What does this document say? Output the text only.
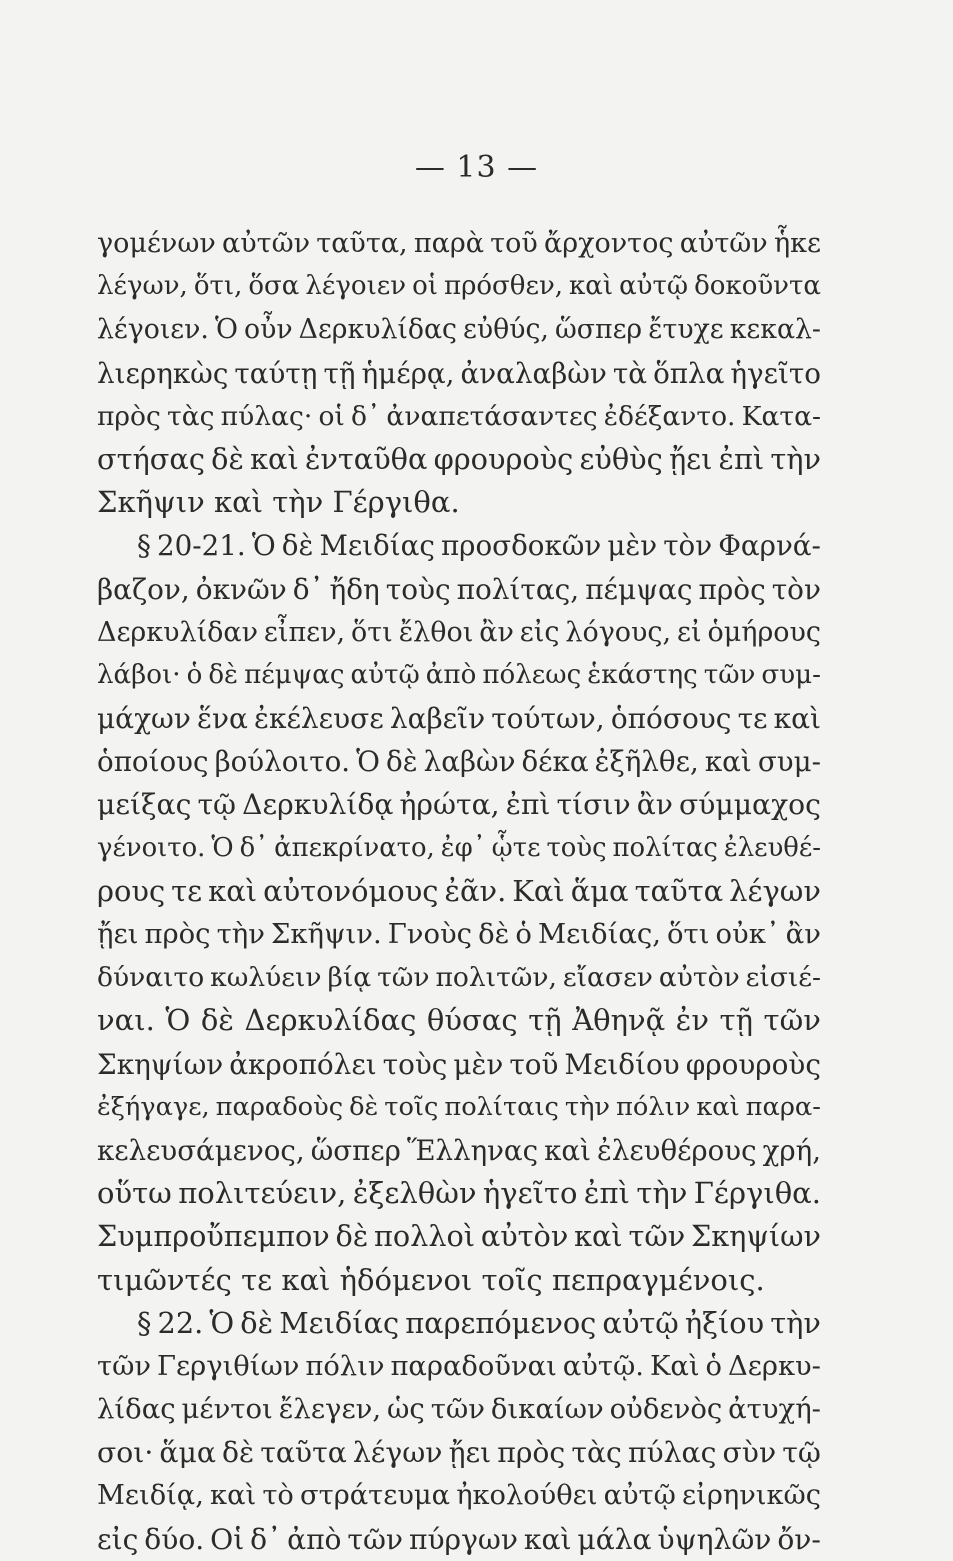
— 13 —
γομένων αὐτῶν ταῦτα, παρὰ τοῦ ἄρχοντος αὐτῶν ἧκε
λέγων, ὅτι, ὅσα λέγοιεν οἱ πρόσθεν, καὶ αὐτῷ δοκοῦντα
λέγοιεν. Ὁ οὖν Δερκυλίδας εὐθύς, ὥσπερ ἔτυχε κεκαλ-
λιερηκὼς ταύτῃ τῇ ἡμέρᾳ, ἀναλαβὼν τὰ ὅπλα ἡγεῖτο
πρὸς τὰς πύλας· οἱ δ᾽ ἀναπετάσαντες ἐδέξαντο. Κατα-
στήσας δὲ καὶ ἐνταῦθα φρουροὺς εὐθὺς ᾔει ἐπὶ τὴν
Σκῆψιν καὶ τὴν Γέργιθα.
§ 20-21. Ὁ δὲ Μειδίας προσδοκῶν μὲν τὸν Φαρνά-
βαζον, ὀκνῶν δ᾽ ἤδη τοὺς πολίτας, πέμψας πρὸς τὸν
Δερκυλίδαν εἶπεν, ὅτι ἔλθοι ἂν εἰς λόγους, εἰ ὁμήρους
λάβοι· ὁ δὲ πέμψας αὐτῷ ἀπὸ πόλεως ἑκάστης τῶν συμ-
μάχων ἕνα ἐκέλευσε λαβεῖν τούτων, ὁπόσους τε καὶ
ὁποίους βούλοιτο. Ὁ δὲ λαβὼν δέκα ἐξῆλθε, καὶ συμ-
μείξας τῷ Δερκυλίδᾳ ἠρώτα, ἐπὶ τίσιν ἂν σύμμαχος
γένοιτο. Ὁ δ᾽ ἀπεκρίνατο, ἐφ᾽ ᾧτε τοὺς πολίτας ἐλευθέ-
ρους τε καὶ αὐτονόμους ἐᾶν. Καὶ ἅμα ταῦτα λέγων
ᾔει πρὸς τὴν Σκῆψιν. Γνοὺς δὲ ὁ Μειδίας, ὅτι οὐκ᾽ ἂν
δύναιτο κωλύειν βίᾳ τῶν πολιτῶν, εἴασεν αὐτὸν εἰσιέ-
ναι. Ὁ δὲ Δερκυλίδας θύσας τῇ Ἀθηνᾷ ἐν τῇ τῶν
Σκηψίων ἀκροπόλει τοὺς μὲν τοῦ Μειδίου φρουροὺς
ἐξήγαγε, παραδοὺς δὲ τοῖς πολίταις τὴν πόλιν καὶ παρα-
κελευσάμενος, ὥσπερ Ἕλληνας καὶ ἐλευθέρους χρή,
οὕτω πολιτεύειν, ἐξελθὼν ἡγεῖτο ἐπὶ τὴν Γέργιθα.
Συμπροὔπεμπον δὲ πολλοὶ αὐτὸν καὶ τῶν Σκηψίων
τιμῶντές τε καὶ ἡδόμενοι τοῖς πεπραγμένοις.
§ 22. Ὁ δὲ Μειδίας παρεπόμενος αὐτῷ ἠξίου τὴν
τῶν Γεργιθίων πόλιν παραδοῦναι αὐτῷ. Καὶ ὁ Δερκυ-
λίδας μέντοι ἔλεγεν, ὡς τῶν δικαίων οὐδενὸς ἀτυχή-
σοι· ἅμα δὲ ταῦτα λέγων ᾔει πρὸς τὰς πύλας σὺν τῷ
Μειδίᾳ, καὶ τὸ στράτευμα ἠκολούθει αὐτῷ εἰρηνικῶς
εἰς δύο. Οἱ δ᾽ ἀπὸ τῶν πύργων καὶ μάλα ὑψηλῶν ὄν-
